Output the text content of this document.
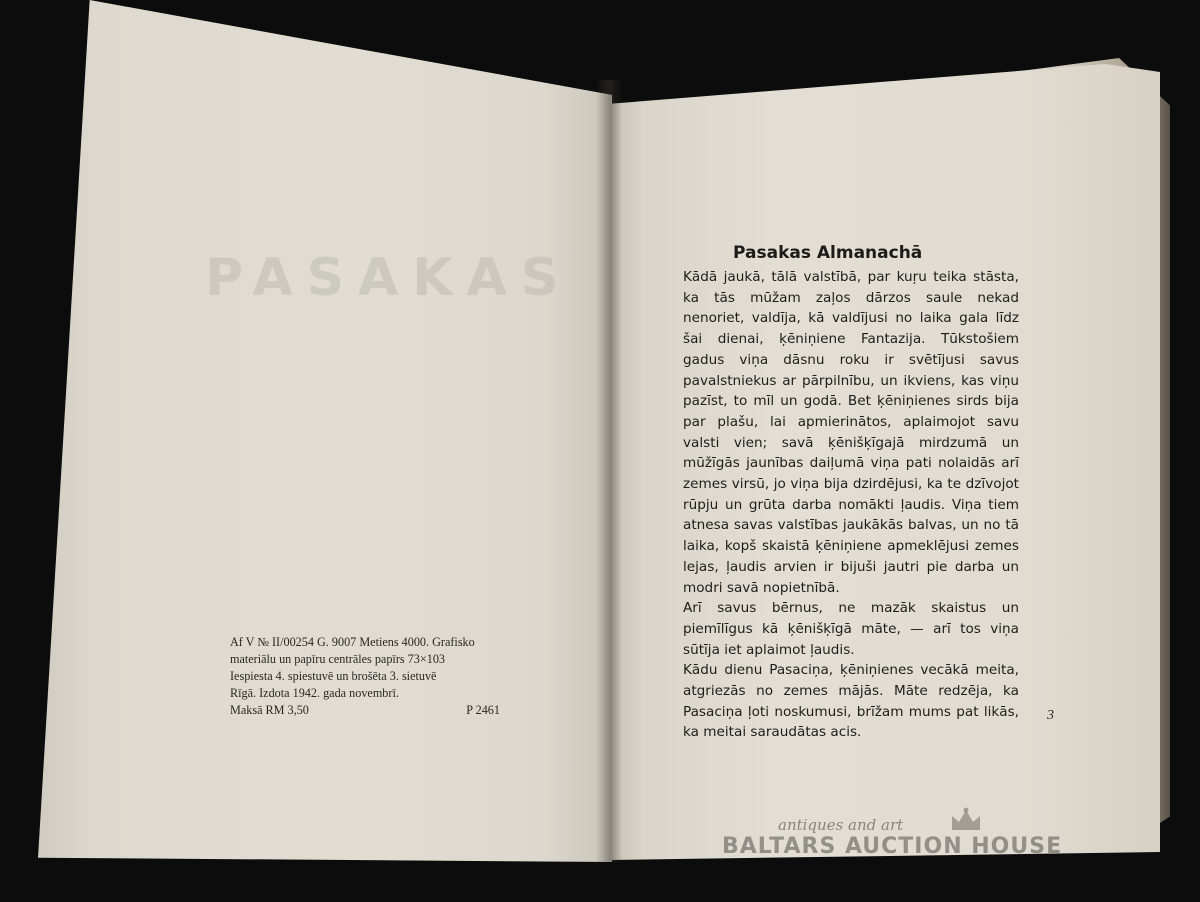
PASAKAS
Af V № II/00254 G. 9007 Metiens 4000. Grafisko
materiālu un papīru centrāles papīrs 73×103
Iespiesta 4. spiestuvē un brošēta 3. sietuvē
Rīgā. Izdota 1942. gada novembrī.
Maksā RM 3,50	P 2461
Pasakas Almanachā

Kādā jaukā, tālā valstībā, par kuŗu teika stāsta, ka tās mūžam zaļos dārzos saule nekad nenoriet, valdīja, kā valdījusi no laika gala līdz šai dienai, ķēniņiene Fantazija. Tūkstošiem gadus viņa dāsnu roku ir svētījusi savus pavalstniekus ar pārpilnību, un ikviens, kas viņu pazīst, to mīl un godā. Bet ķēniņienes sirds bija par plašu, lai apmierinātos, aplaimojot savu valsti vien; savā ķēnišķīgajā mirdzumā un mūžīgās jaunības daiļumā viņa pati nolaidās arī zemes virsū, jo viņa bija dzirdējusi, ka te dzīvojot rūpju un grūta darba nomākti ļaudis. Viņa tiem atnesa savas valstības jaukākās balvas, un no tā laika, kopš skaistā ķēniņiene apmeklējusi zemes lejas, ļaudis arvien ir bijuši jautri pie darba un modri savā nopietnībā.

Arī savus bērnus, ne mazāk skaistus un piemīlīgus kā ķēnišķīgā māte, — arī tos viņa sūtīja iet aplaimot ļaudis.

Kādu dienu Pasaciņa, ķēniņienes vecākā meita, atgriezās no zemes mājās. Māte redzēja, ka Pasaciņa ļoti noskumusi, brīžam mums pat likās, ka meitai saraudātas acis.

3
antiques and art
BALTARS AUCTION HOUSE
